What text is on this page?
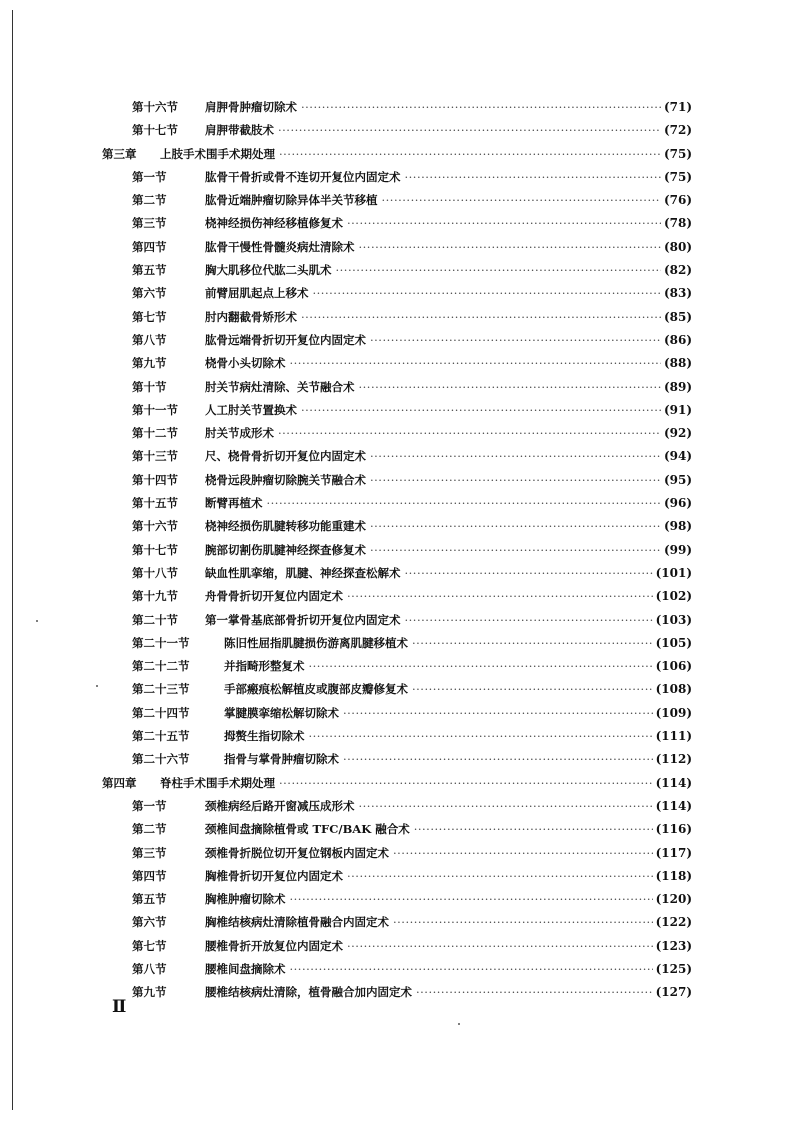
第十六节	肩胛骨肿瘤切除术 ·····	(71)
第十七节	肩胛带截肢术 ·····	(72)
第三章	上肢手术围手术期处理 ·····	(75)
第一节	肱骨干骨折或骨不连切开复位内固定术 ·····	(75)
第二节	肱骨近端肿瘤切除异体半关节移植 ·····	(76)
第三节	桡神经损伤神经移植修复术 ·····	(78)
第四节	肱骨干慢性骨髓炎病灶清除术 ·····	(80)
第五节	胸大肌移位代肱二头肌术 ·····	(82)
第六节	前臂屈肌起点上移术 ·····	(83)
第七节	肘内翻截骨矫形术 ·····	(85)
第八节	肱骨远端骨折切开复位内固定术 ·····	(86)
第九节	桡骨小头切除术 ·····	(88)
第十节	肘关节病灶清除、关节融合术 ·····	(89)
第十一节	人工肘关节置换术 ·····	(91)
第十二节	肘关节成形术 ·····	(92)
第十三节	尺、桡骨骨折切开复位内固定术 ·····	(94)
第十四节	桡骨远段肿瘤切除腕关节融合术 ·····	(95)
第十五节	断臂再植术 ·····	(96)
第十六节	桡神经损伤肌腱转移功能重建术 ·····	(98)
第十七节	腕部切割伤肌腱神经探查修复术 ·····	(99)
第十八节	缺血性肌挛缩，肌腱、神经探查松解术 ·····	(101)
第十九节	舟骨骨折切开复位内固定术 ·····	(102)
第二十节	第一掌骨基底部骨折切开复位内固定术 ·····	(103)
第二十一节	陈旧性屈指肌腱损伤游离肌腱移植术 ·····	(105)
第二十二节	并指畸形整复术 ·····	(106)
第二十三节	手部瘢痕松解植皮或腹部皮瓣修复术 ·····	(108)
第二十四节	掌腱膜挛缩松解切除术 ·····	(109)
第二十五节	拇赘生指切除术 ·····	(111)
第二十六节	指骨与掌骨肿瘤切除术 ·····	(112)
第四章	脊柱手术围手术期处理 ·····	(114)
第一节	颈椎病经后路开窗减压成形术 ·····	(114)
第二节	颈椎间盘摘除植骨或 TFC/BAK 融合术 ·····	(116)
第三节	颈椎骨折脱位切开复位钢板内固定术 ·····	(117)
第四节	胸椎骨折切开复位内固定术 ·····	(118)
第五节	胸椎肿瘤切除术 ·····	(120)
第六节	胸椎结核病灶清除植骨融合内固定术 ·····	(122)
第七节	腰椎骨折开放复位内固定术 ·····	(123)
第八节	腰椎间盘摘除术 ·····	(125)
第九节	腰椎结核病灶清除，植骨融合加内固定术 ·····	(127)
Ⅱ
